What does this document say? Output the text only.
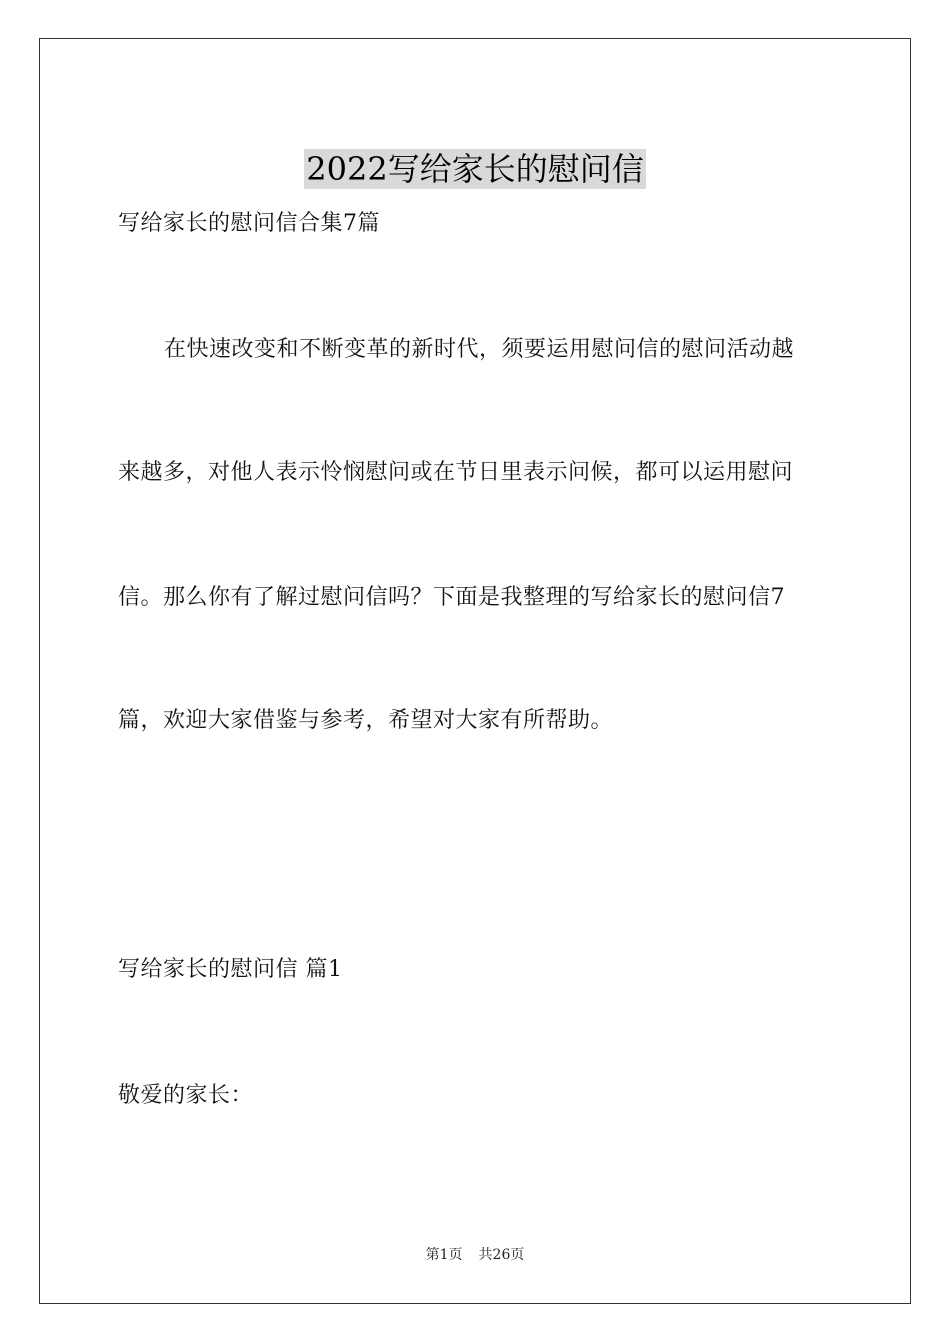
2022写给家长的慰问信
写给家长的慰问信合集7篇
在快速改变和不断变革的新时代，须要运用慰问信的慰问活动越
来越多，对他人表示怜悯慰问或在节日里表示问候，都可以运用慰问
信。那么你有了解过慰问信吗？下面是我整理的写给家长的慰问信7
篇，欢迎大家借鉴与参考，希望对大家有所帮助。
写给家长的慰问信 篇1
敬爱的家长：
第1页 共26页
